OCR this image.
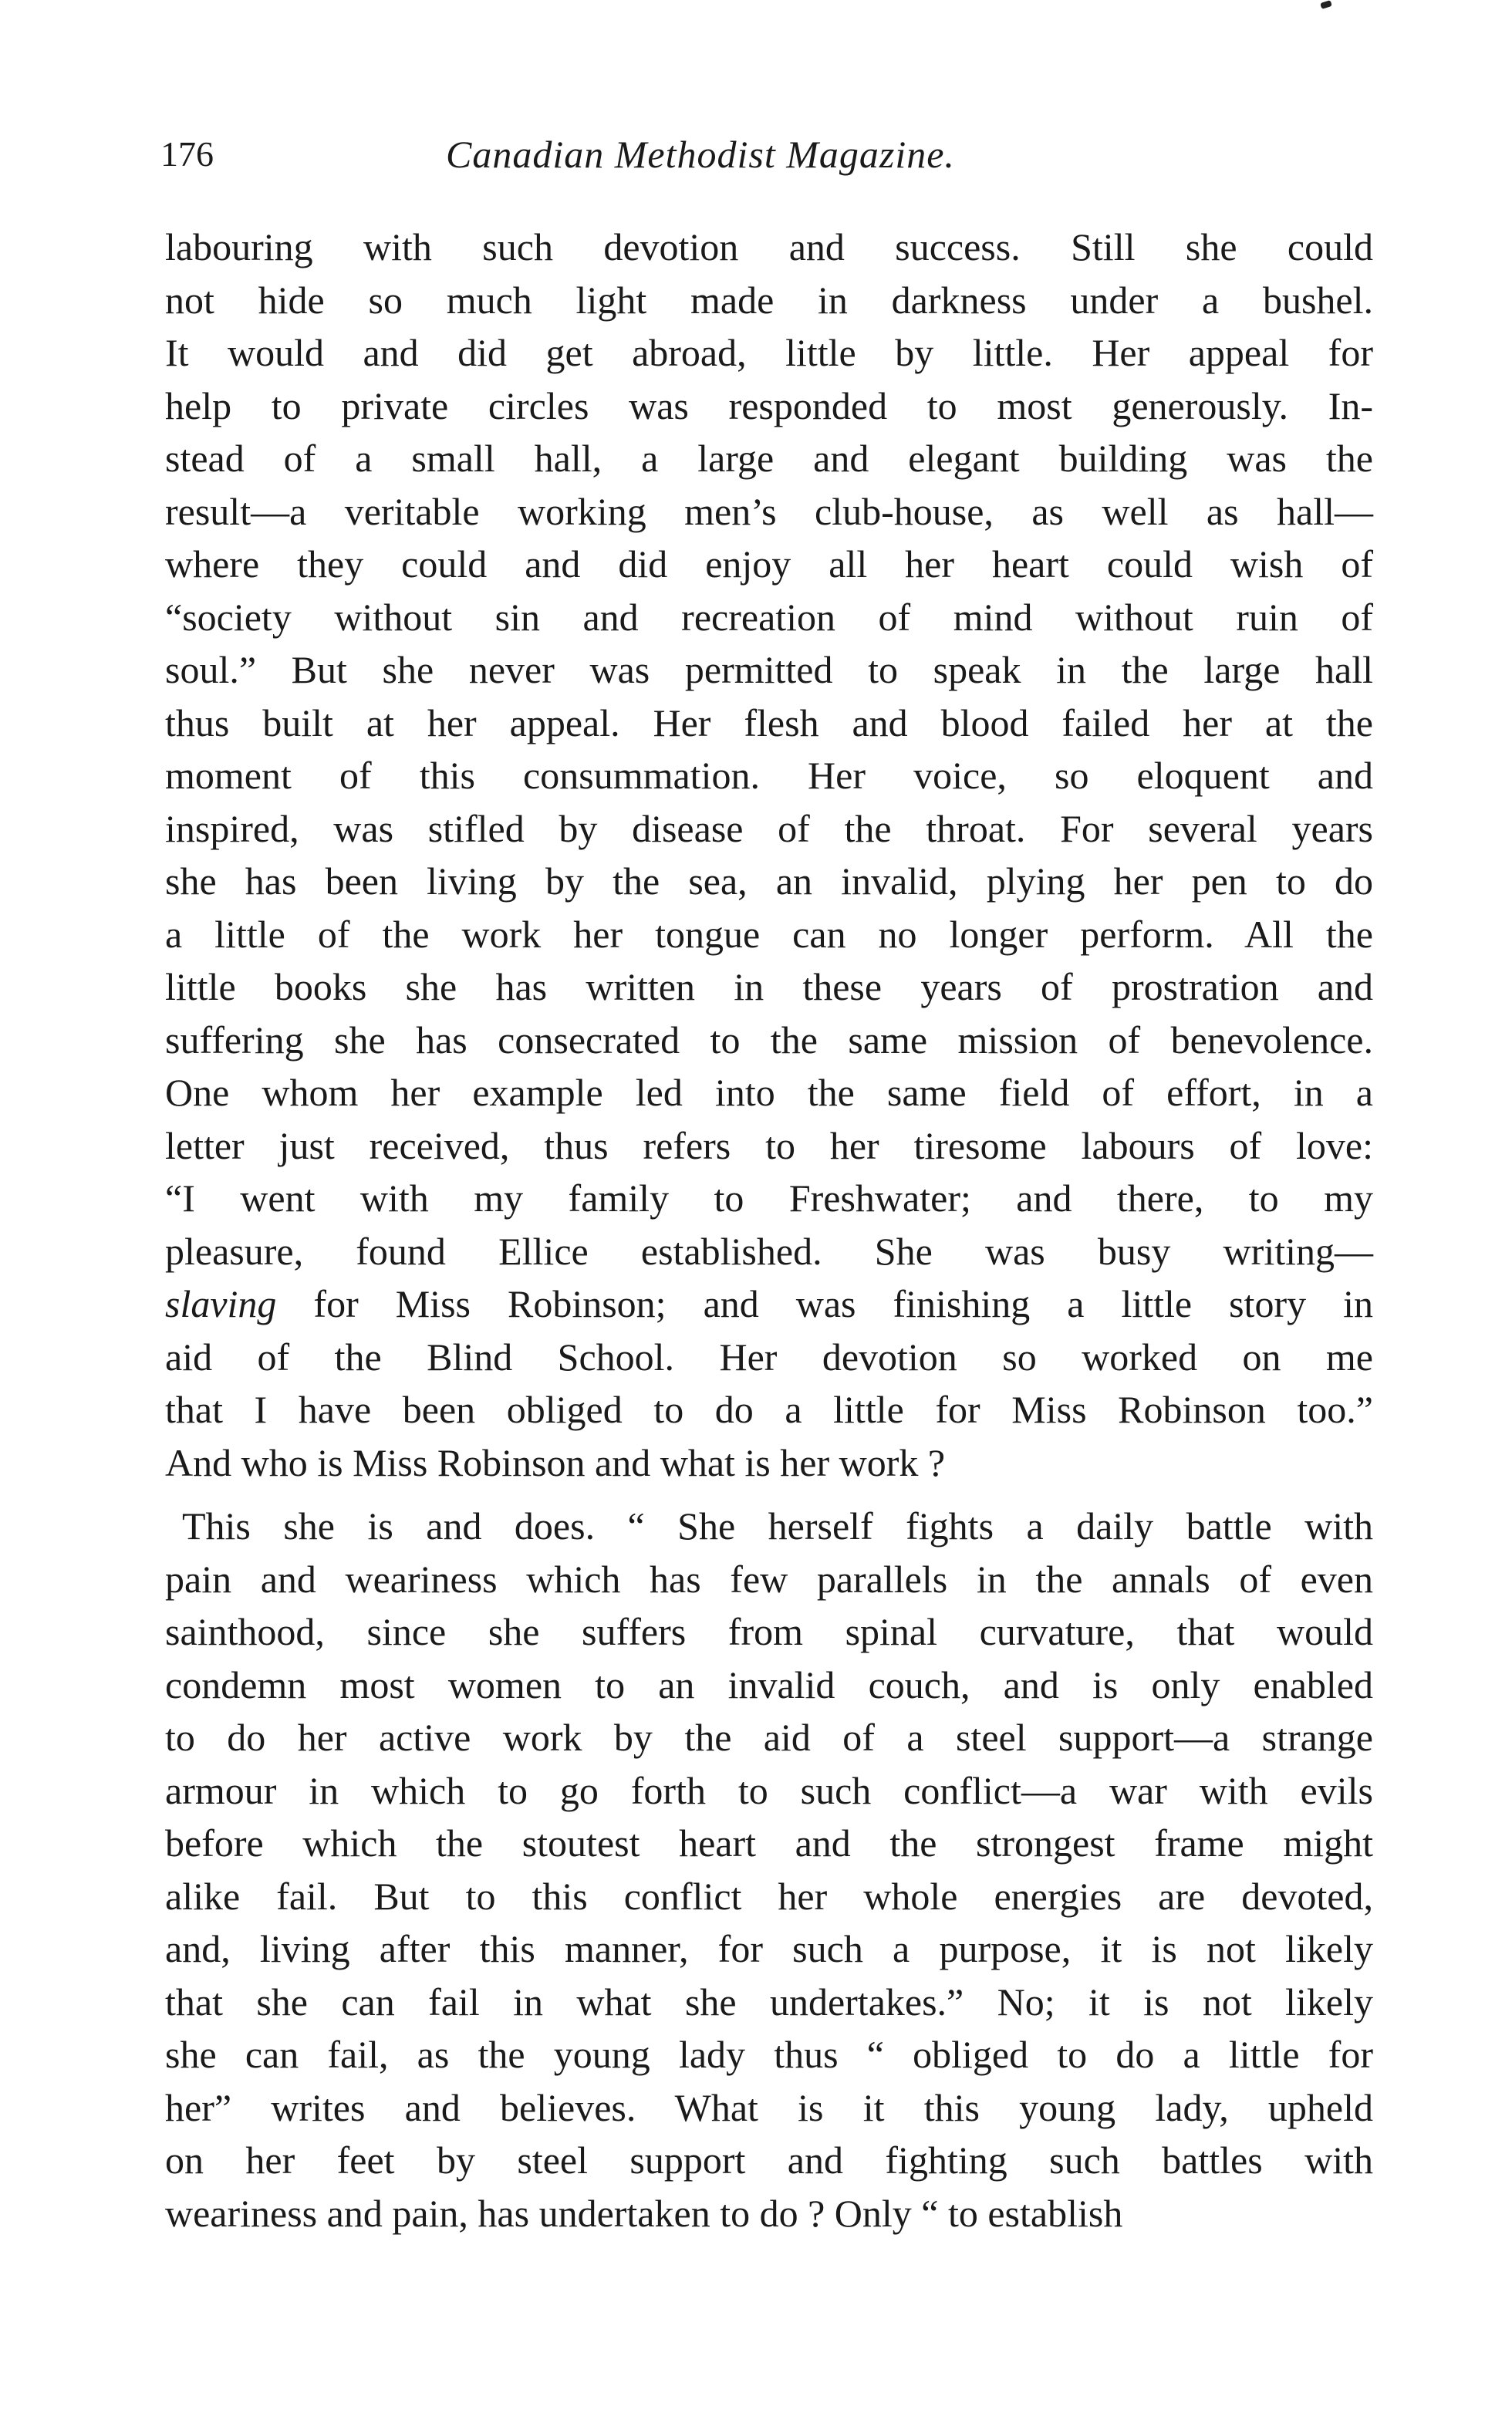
176	Canadian Methodist Magazine.
labouring with such devotion and success. Still she could
not hide so much light made in darkness under a bushel.
It would and did get abroad, little by little. Her appeal for
help to private circles was responded to most generously. In-
stead of a small hall, a large and elegant building was the
result—a veritable working men’s club-house, as well as hall—
where they could and did enjoy all her heart could wish of
“society without sin and recreation of mind without ruin of
soul.” But she never was permitted to speak in the large hall
thus built at her appeal. Her flesh and blood failed her at the
moment of this consummation. Her voice, so eloquent and
inspired, was stifled by disease of the throat. For several years
she has been living by the sea, an invalid, plying her pen to do
a little of the work her tongue can no longer perform. All the
little books she has written in these years of prostration and
suffering she has consecrated to the same mission of benevolence.
One whom her example led into the same field of effort, in a
letter just received, thus refers to her tiresome labours of love:
“I went with my family to Freshwater; and there, to my
pleasure, found Ellice established. She was busy writing—
slaving for Miss Robinson; and was finishing a little story in
aid of the Blind School. Her devotion so worked on me
that I have been obliged to do a little for Miss Robinson too.”
And who is Miss Robinson and what is her work ?
This she is and does. “ She herself fights a daily battle with
pain and weariness which has few parallels in the annals of even
sainthood, since she suffers from spinal curvature, that would
condemn most women to an invalid couch, and is only enabled
to do her active work by the aid of a steel support—a strange
armour in which to go forth to such conflict—a war with evils
before which the stoutest heart and the strongest frame might
alike fail. But to this conflict her whole energies are devoted,
and, living after this manner, for such a purpose, it is not likely
that she can fail in what she undertakes.” No; it is not likely
she can fail, as the young lady thus “ obliged to do a little for
her” writes and believes. What is it this young lady, upheld
on her feet by steel support and fighting such battles with
weariness and pain, has undertaken to do ? Only “ to establish
